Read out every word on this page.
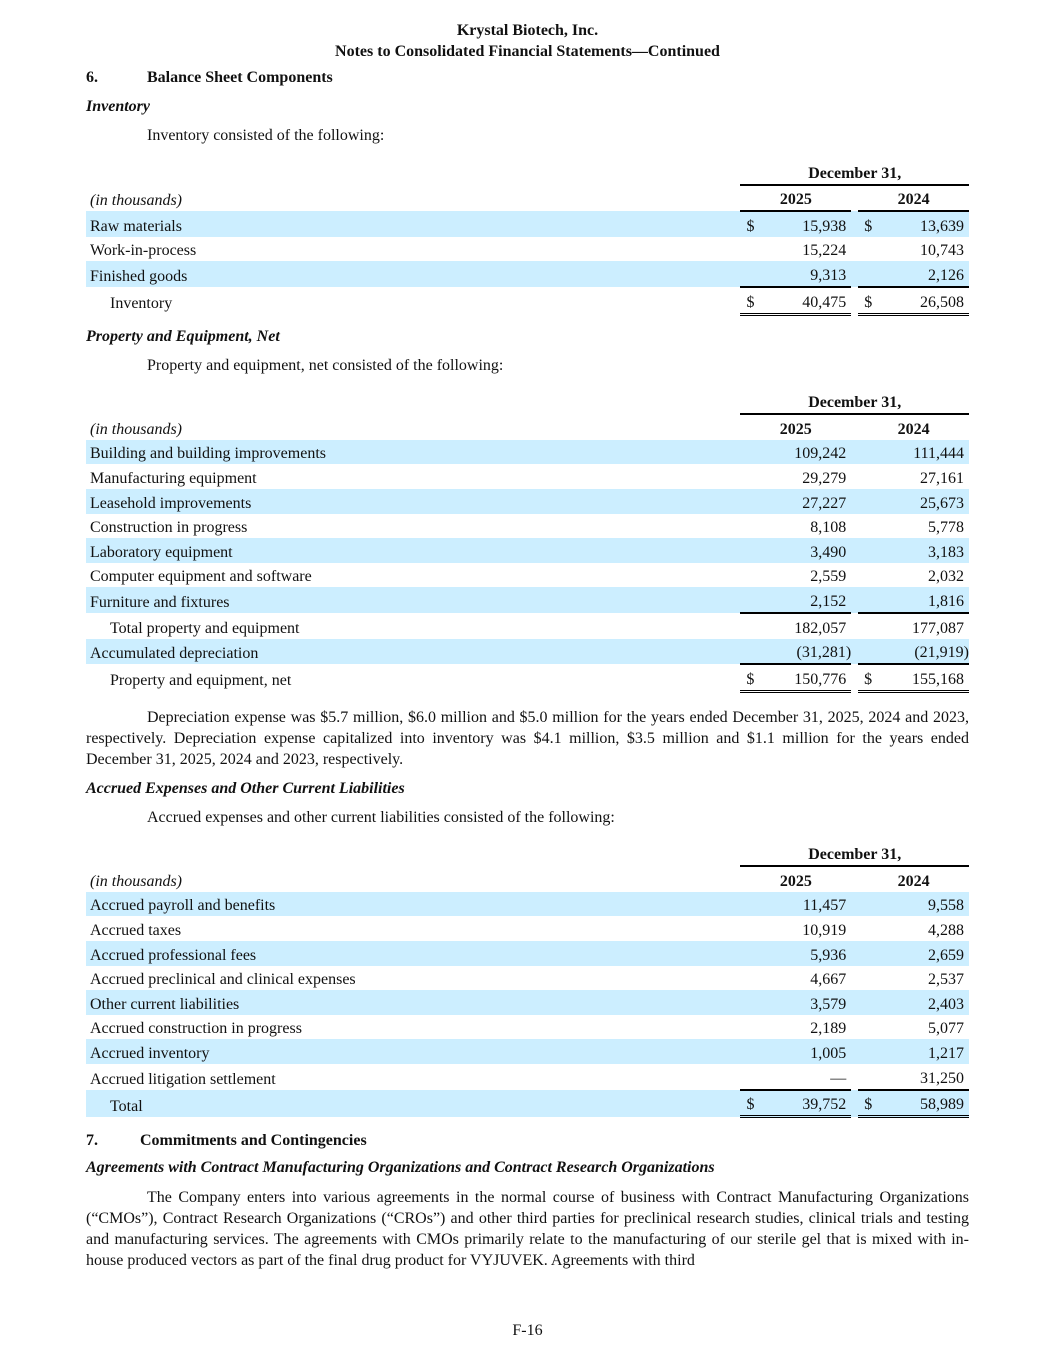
Krystal Biotech, Inc.
Notes to Consolidated Financial Statements—Continued
6.	Balance Sheet Components
Inventory

Inventory consisted of the following:

	December 31,				
(in thousands)	2025			2024	
Raw materials	$	15,938		$	13,639
Work-in-process		15,224			10,743
Finished goods		9,313			2,126
Inventory	$	40,475		$	26,508
Property and Equipment, Net

Property and equipment, net consisted of the following:

	December 31,				
(in thousands)	2025			2024	
Building and building improvements		109,242			111,444
Manufacturing equipment		29,279			27,161
Leasehold improvements		27,227			25,673
Construction in progress		8,108			5,778
Laboratory equipment		3,490			3,183
Computer equipment and software		2,559			2,032
Furniture and fixtures		2,152			1,816
Total property and equipment		182,057			177,087
Accumulated depreciation		(31,281)			(21,919)
Property and equipment, net	$	150,776		$	155,168

Depreciation expense was $5.7 million, $6.0 million and $5.0 million for the years ended December 31, 2025, 2024 and 2023, respectively. Depreciation expense capitalized into inventory was $4.1 million, $3.5 million and $1.1 million for the years ended December 31, 2025, 2024 and 2023, respectively.

Accrued Expenses and Other Current Liabilities

Accrued expenses and other current liabilities consisted of the following:

	December 31,				
(in thousands)	2025			2024	
Accrued payroll and benefits		11,457			9,558
Accrued taxes		10,919			4,288
Accrued professional fees		5,936			2,659
Accrued preclinical and clinical expenses		4,667			2,537
Other current liabilities		3,579			2,403
Accrued construction in progress		2,189			5,077
Accrued inventory		1,005			1,217
Accrued litigation settlement		—			31,250
Total	$	39,752		$	58,989
7.	Commitments and Contingencies
Agreements with Contract Manufacturing Organizations and Contract Research Organizations

The Company enters into various agreements in the normal course of business with Contract Manufacturing Organizations (“CMOs”), Contract Research Organizations (“CROs”) and other third parties for preclinical research studies, clinical trials and testing and manufacturing services. The agreements with CMOs primarily relate to the manufacturing of our sterile gel that is mixed with in-house produced vectors as part of the final drug product for VYJUVEK. Agreements with third

F-16
